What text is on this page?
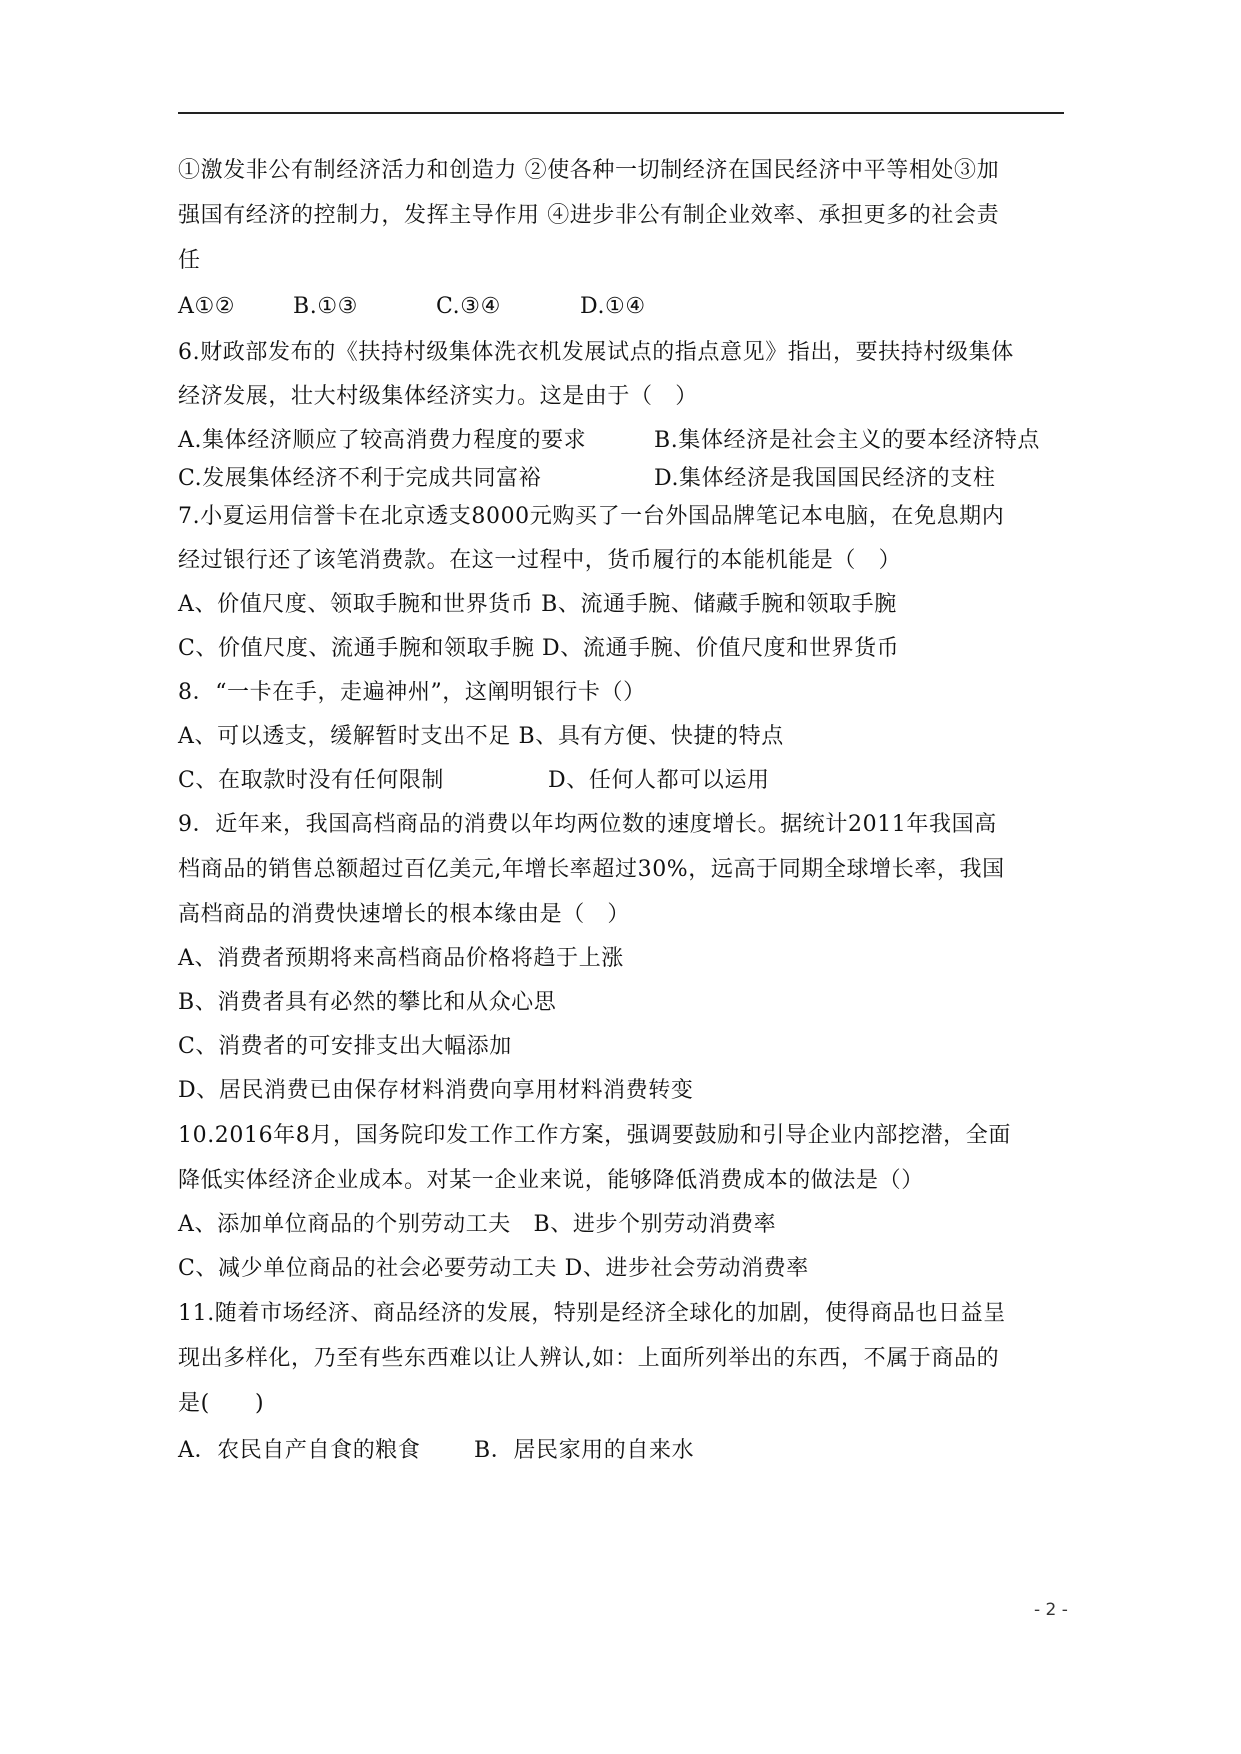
①激发非公有制经济活力和创造力 ②使各种一切制经济在国民经济中平等相处③加
强国有经济的控制力，发挥主导作用 ④进步非公有制企业效率、承担更多的社会责
任
A①②	B.①③	C.③④	D.①④
6.财政部发布的《扶持村级集体洗衣机发展试点的指点意见》指出，要扶持村级集体
经济发展，壮大村级集体经济实力。这是由于（　）
A.集体经济顺应了较高消费力程度的要求	B.集体经济是社会主义的要本经济特点
C.发展集体经济不利于完成共同富裕	D.集体经济是我国国民经济的支柱
7.小夏运用信誉卡在北京透支8000元购买了一台外国品牌笔记本电脑，在免息期内
经过银行还了该笔消费款。在这一过程中，货币履行的本能机能是（　）
A、价值尺度、领取手腕和世界货币 B、流通手腕、储藏手腕和领取手腕
C、价值尺度、流通手腕和领取手腕 D、流通手腕、价值尺度和世界货币
8．“一卡在手，走遍神州”，这阐明银行卡（）
A、可以透支，缓解暂时支出不足 B、具有方便、快捷的特点
C、在取款时没有任何限制	D、任何人都可以运用
9．近年来，我国高档商品的消费以年均两位数的速度增长。据统计2011年我国高
档商品的销售总额超过百亿美元,年增长率超过30%，远高于同期全球增长率，我国
高档商品的消费快速增长的根本缘由是（　）
A、消费者预期将来高档商品价格将趋于上涨
B、消费者具有必然的攀比和从众心思
C、消费者的可安排支出大幅添加
D、居民消费已由保存材料消费向享用材料消费转变
10.2016年8月，国务院印发工作工作方案，强调要鼓励和引导企业内部挖潜，全面
降低实体经济企业成本。对某一企业来说，能够降低消费成本的做法是（）
A、添加单位商品的个别劳动工夫　B、进步个别劳动消费率
C、减少单位商品的社会必要劳动工夫 D、进步社会劳动消费率
11.随着市场经济、商品经济的发展，特别是经济全球化的加剧，使得商品也日益呈
现出多样化，乃至有些东西难以让人辨认,如：上面所列举出的东西，不属于商品的
是(　　)
A．农民自产自食的粮食 B．居民家用的自来水
- 2 -
